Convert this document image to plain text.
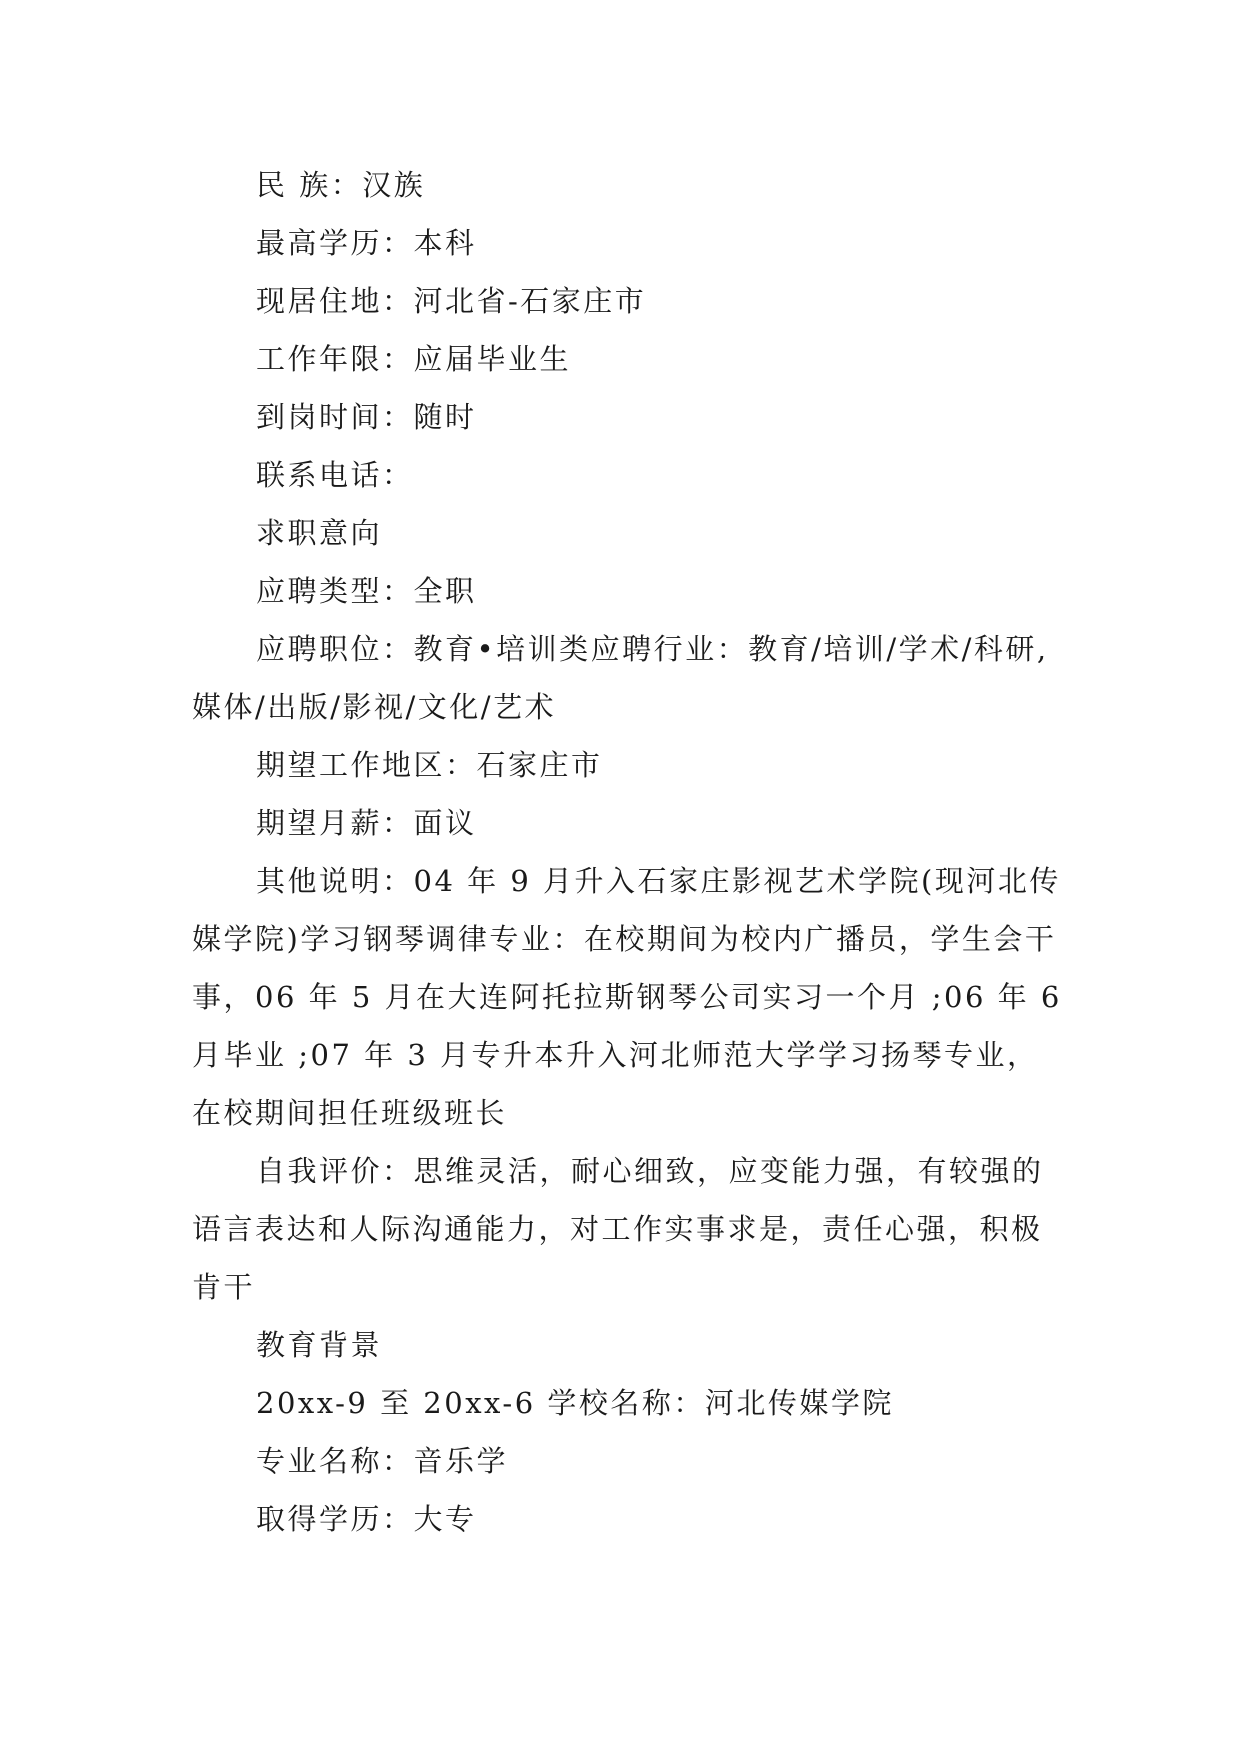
民 族：汉族

最高学历：本科

现居住地：河北省-石家庄市

工作年限：应届毕业生

到岗时间：随时

联系电话：

求职意向

应聘类型：全职

应聘职位：教育•培训类应聘行业：教育/培训/学术/科研,媒体/出版/影视/文化/艺术

期望工作地区：石家庄市

期望月薪：面议

其他说明：04 年 9 月升入石家庄影视艺术学院(现河北传媒学院)学习钢琴调律专业：在校期间为校内广播员，学生会干事，06 年 5 月在大连阿托拉斯钢琴公司实习一个月 ;06 年 6 月毕业 ;07 年 3 月专升本升入河北师范大学学习扬琴专业，在校期间担任班级班长

自我评价：思维灵活，耐心细致，应变能力强，有较强的语言表达和人际沟通能力，对工作实事求是，责任心强，积极肯干

教育背景

20xx-9 至 20xx-6 学校名称：河北传媒学院

专业名称：音乐学

取得学历：大专
